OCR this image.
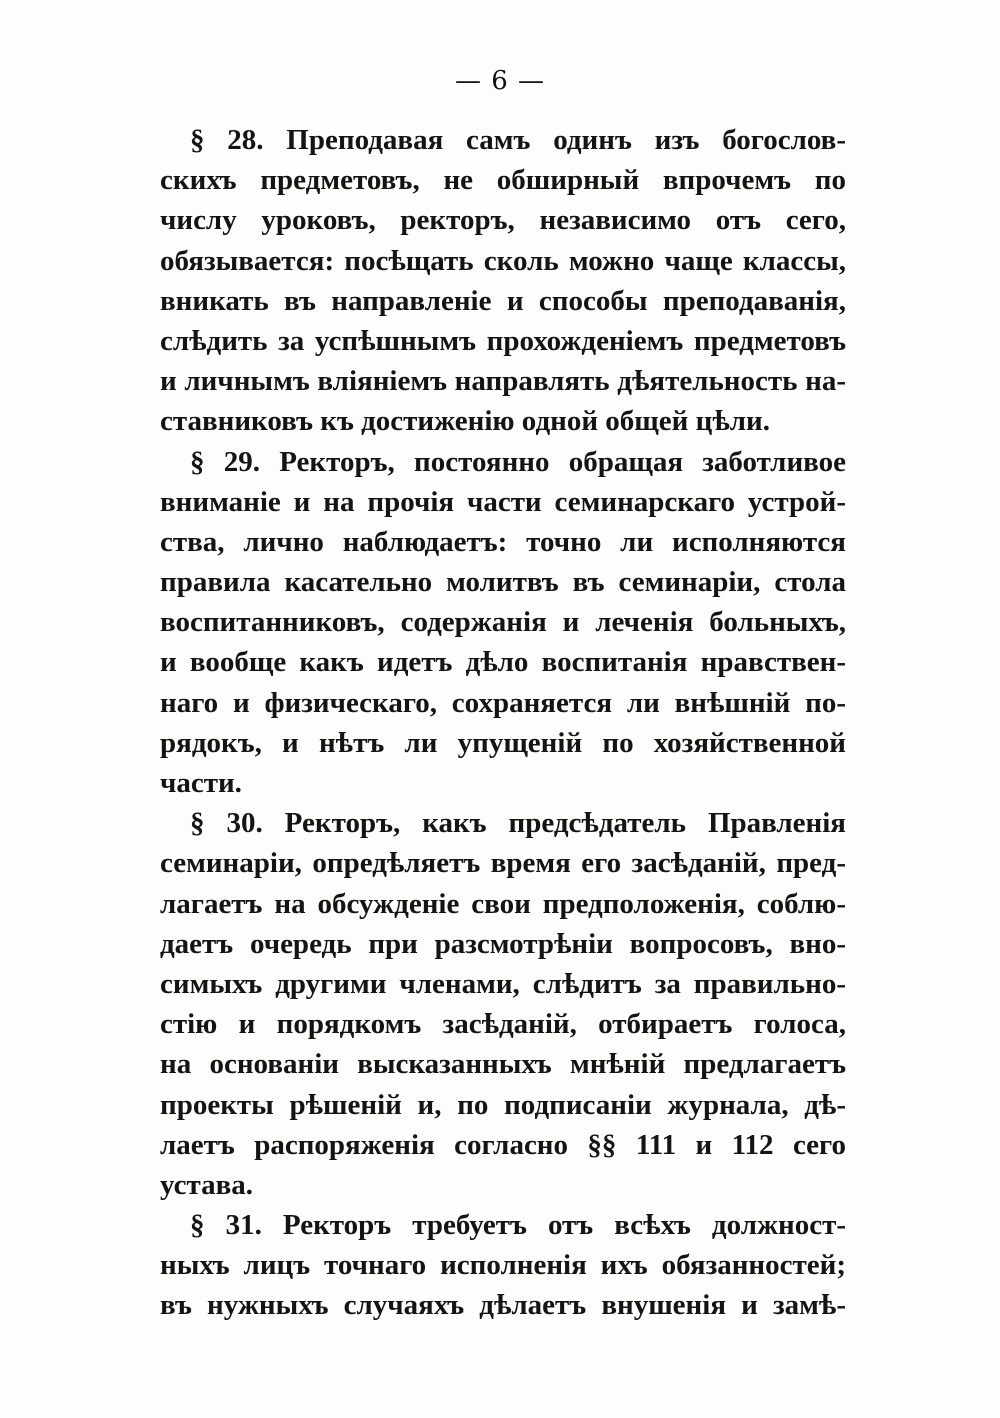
— 6 —
§ 28. Преподавая самъ одинъ изъ богослов-
скихъ предметовъ, не обширный впрочемъ по
числу уроковъ, ректоръ, независимо отъ сего,
обязывается: посѣщать сколь можно чаще классы,
вникать въ направленіе и способы преподаванія,
слѣдить за успѣшнымъ прохожденіемъ предметовъ
и личнымъ вліяніемъ направлять дѣятельность на-
ставниковъ къ достиженію одной общей цѣли.
§ 29. Ректоръ, постоянно обращая заботливое
вниманіе и на прочія части семинарскаго устрой-
ства, лично наблюдаетъ: точно ли исполняются
правила касательно молитвъ въ семинаріи, стола
воспитанниковъ, содержанія и леченія больныхъ,
и вообще какъ идетъ дѣло воспитанія нравствен-
наго и физическаго, сохраняется ли внѣшній по-
рядокъ, и нѣтъ ли упущеній по хозяйственной
части.
§ 30. Ректоръ, какъ предсѣдатель Правленія
семинаріи, опредѣляетъ время его засѣданій, пред-
лагаетъ на обсужденіе свои предположенія, соблю-
даетъ очередь при разсмотрѣніи вопросовъ, вно-
симыхъ другими членами, слѣдитъ за правильно-
стію и порядкомъ засѣданій, отбираетъ голоса,
на основаніи высказанныхъ мнѣній предлагаетъ
проекты рѣшеній и, по подписаніи журнала, дѣ-
лаетъ распоряженія согласно §§ 111 и 112 сего
устава.
§ 31. Ректоръ требуетъ отъ всѣхъ должност-
ныхъ лицъ точнаго исполненія ихъ обязанностей;
въ нужныхъ случаяхъ дѣлаетъ внушенія и замѣ-
